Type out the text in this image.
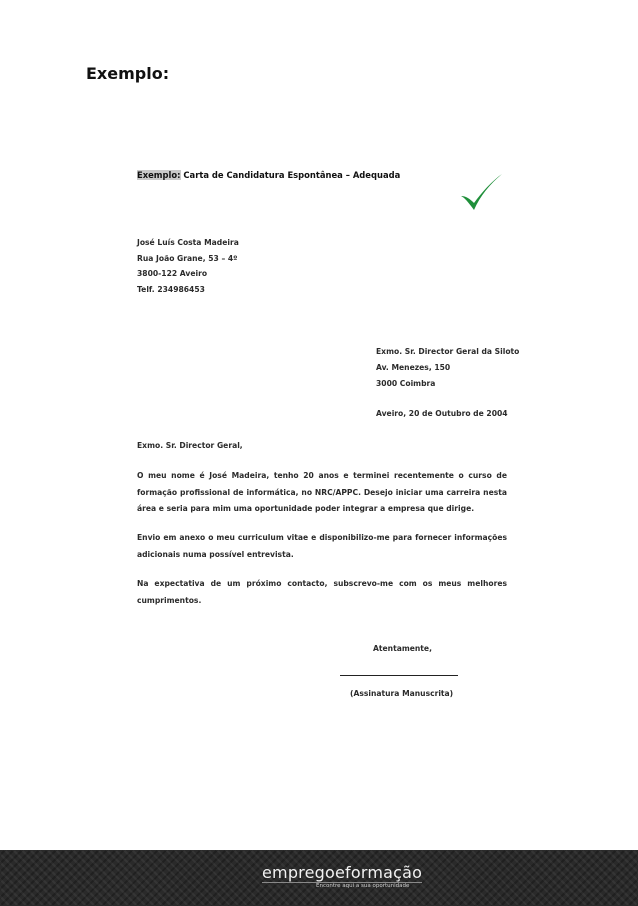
Exemplo:
Exemplo: Carta de Candidatura Espontânea – Adequada
José Luís Costa Madeira
Rua João Grane, 53 – 4º
3800-122 Aveiro
Telf. 234986453
Exmo. Sr. Director Geral da Siloto
Av. Menezes, 150
3000 Coimbra
Aveiro, 20 de Outubro de 2004
Exmo. Sr. Director Geral,
O meu nome é José Madeira, tenho 20 anos e terminei recentemente o curso de formação profissional de informática, no NRC/APPC. Desejo iniciar uma carreira nesta área e seria para mim uma oportunidade poder integrar a empresa que dirige.
Envio em anexo o meu curriculum vitae e disponibilizo-me para fornecer informações adicionais numa possível entrevista.
Na expectativa de um próximo contacto, subscrevo-me com os meus melhores cumprimentos.
Atentamente,
(Assinatura Manuscrita)
empregoeformação
Encontre aqui a sua oportunidade
